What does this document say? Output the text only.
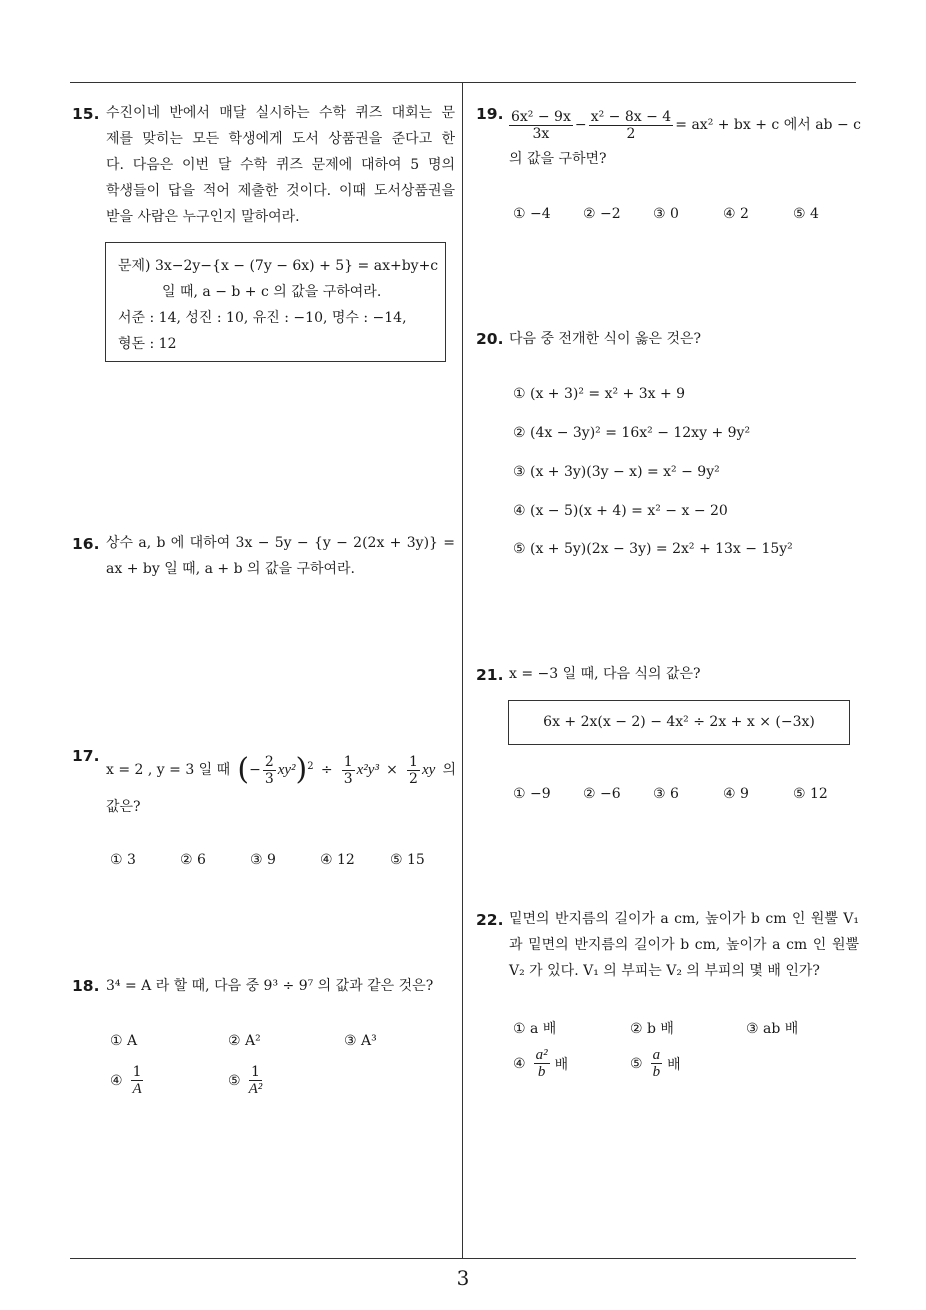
3
15. 수진이네 반에서 매달 실시하는 수학 퀴즈 대회는 문
제를 맞히는 모든 학생에게 도서 상품권을 준다고 한
다. 다음은 이번 달 수학 퀴즈 문제에 대하여 5 명의
학생들이 답을 적어 제출한 것이다. 이때 도서상품권을
받을 사람은 누구인지 말하여라.
문제) 3x−2y−{x − (7y − 6x) + 5} = ax+by+c
일 때, a − b + c 의 값을 구하여라.
서준 : 14, 성진 : 10, 유진 : −10, 명수 : −14,
형돈 : 12
16. 상수 a, b 에 대하여 3x − 5y − {y − 2(2x + 3y)} =
ax + by 일 때, a + b 의 값을 구하여라.
17.
x = 2 , y = 3 일 때 ( − $\frac{2}{3} xy^2$ )$^2 \div \frac{1}{3} x^2y^3 \times \frac{1}{2}$ xy 의
값은?
① 3	② 6	③ 9	④ 12	⑤ 15
18. 3⁴ = A 라 할 때, 다음 중 9³ ÷ 9⁷ 의 값과 같은 것은?
① A	② A²	③ A³
④ $\frac{1}{A}$	⑤ $\frac{1}{\text{A²}}$
19. $\frac{\text{6x² − 9x}}{3x} - \frac{\text{x² − 8x − 4}}{2} = ax^2$ + bx + c 에서 ab − c
의 값을 구하면?
① −4 ② −2 ③ 0	④ 2	⑤ 4
20. 다음 중 전개한 식이 옳은 것은?
① (x + 3)² = x² + 3x + 9
② (4x − 3y)² = 16x² − 12xy + 9y²
③ (x + 3y)(3y − x) = x² − 9y²
④ (x − 5)(x + 4) = x² − x − 20
⑤ (x + 5y)(2x − 3y) = 2x² + 13x − 15y²
21. x = −3 일 때, 다음 식의 값은?
6x + 2x(x − 2) − 4x² ÷ 2x + x × (−3x)
① −9 ② −6 ③ 6	④ 9	⑤ 12
22. 밑면의 반지름의 길이가 a cm, 높이가 b cm 인 원뿔 V₁
과 밑면의 반지름의 길이가 b cm, 높이가 a cm 인 원뿔
V₂ 가 있다. V₁ 의 부피는 V₂ 의 부피의 몇 배 인가?
① a 배	② b 배	③ ab 배
④ $\frac{\text{a²}}{b}$ 배	⑤ $\frac{a}{b}$ 배
